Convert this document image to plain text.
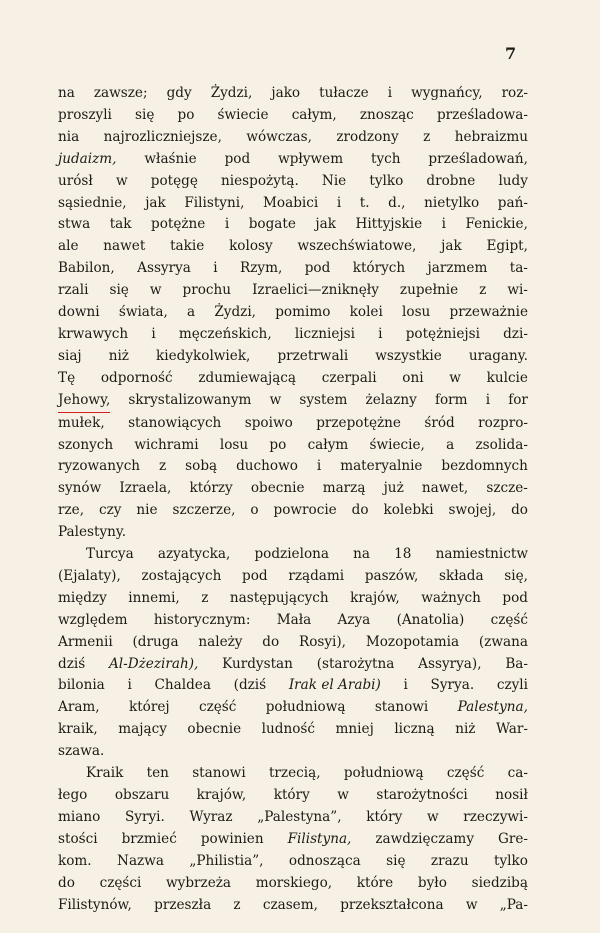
7
na zawsze; gdy Żydzi, jako tułacze i wygnańcy, roz-
proszyli się po świecie całym, znosząc prześladowa-
nia najrozliczniejsze, wówczas, zrodzony z hebraizmu
judaizm, właśnie pod wpływem tych prześladowań,
urósł w potęgę niespożytą. Nie tylko drobne ludy
sąsiednie, jak Filistyni, Moabici i t. d., nietylko pań-
stwa tak potężne i bogate jak Hittyjskie i Fenickie,
ale nawet takie kolosy wszechświatowe, jak Egipt,
Babilon, Assyrya i Rzym, pod których jarzmem ta-
rzali się w prochu Izraelici—zniknęły zupełnie z wi-
downi świata, a Żydzi, pomimo kolei losu przeważnie
krwawych i męczeńskich, liczniejsi i potężniejsi dzi-
siaj niż kiedykolwiek, przetrwali wszystkie uragany.
Tę odporność zdumiewającą czerpali oni w kulcie
Jehowy, skrystalizowanym w system żelazny form i for
mułek, stanowiących spoiwo przepotężne śród rozpro-
szonych wichrami losu po całym świecie, a zsolida-
ryzowanych z sobą duchowo i materyalnie bezdomnych
synów Izraela, którzy obecnie marzą już nawet, szcze-
rze, czy nie szczerze, o powrocie do kolebki swojej, do
Palestyny.
Turcya azyatycka, podzielona na 18 namiestnictw
(Ejalaty), zostających pod rządami paszów, składa się,
między innemi, z następujących krajów, ważnych pod
względem historycznym: Mała Azya (Anatolia) część
Armenii (druga należy do Rosyi), Mozopotamia (zwana
dziś Al-Dżezirah), Kurdystan (starożytna Assyrya), Ba-
bilonia i Chaldea (dziś Irak el Arabi) i Syrya. czyli
Aram, której część południową stanowi Palestyna,
kraik, mający obecnie ludność mniej liczną niż War-
szawa.
Kraik ten stanowi trzecią, południową część ca-
łego obszaru krajów, który w starożytności nosił
miano Syryi. Wyraz „Palestyna”, który w rzeczywi-
stości brzmieć powinien Filistyna, zawdzięczamy Gre-
kom. Nazwa „Philistia”, odnosząca się zrazu tylko
do części wybrzeża morskiego, które było siedzibą
Filistynów, przeszła z czasem, przekształcona w „Pa-
